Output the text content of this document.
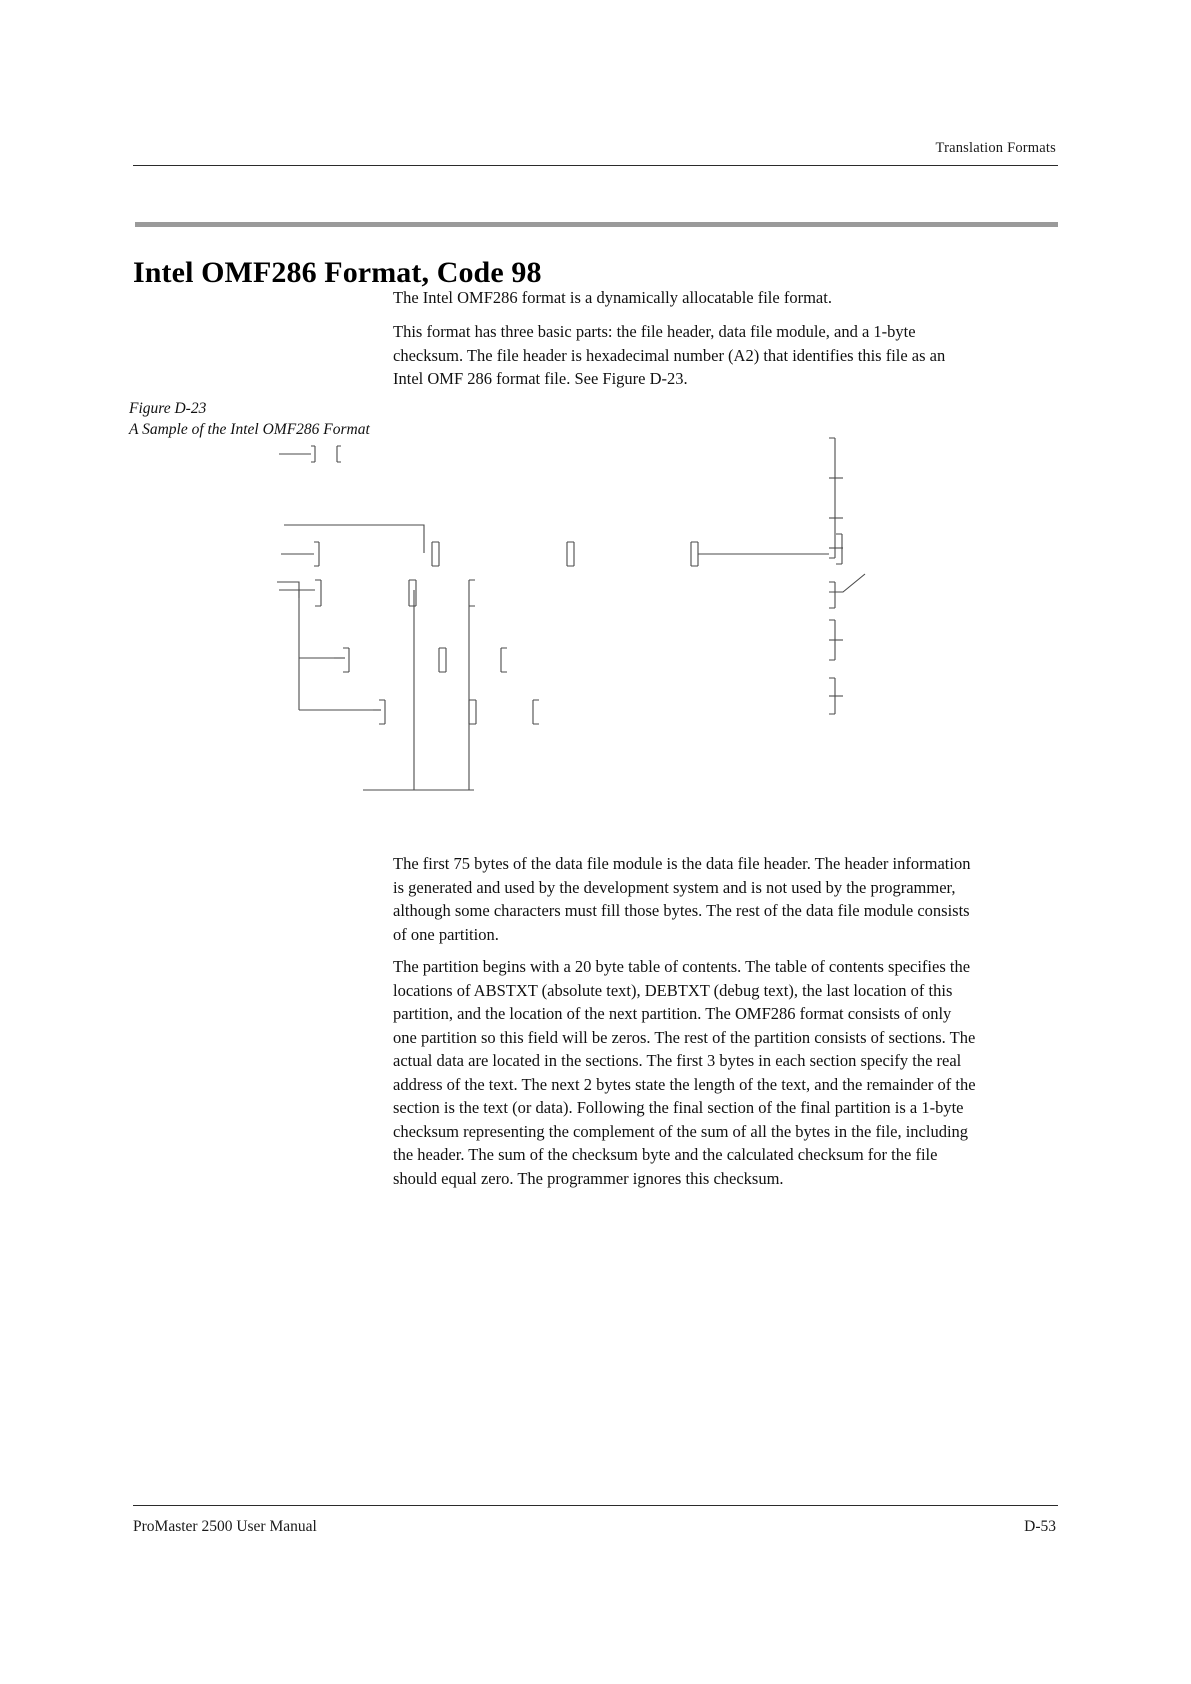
Translation Formats
Intel OMF286 Format, Code 98

The Intel OMF286 format is a dynamically allocatable file format.

This format has three basic parts: the file header, data file module, and a 1-byte checksum. The file header is hexadecimal number (A2) that identifies this file as an Intel OMF 286 format file. See Figure D-23.

Figure D-23
A Sample of the Intel OMF286 Format

The first 75 bytes of the data file module is the data file header. The header information is generated and used by the development system and is not used by the programmer, although some characters must fill those bytes. The rest of the data file module consists of one partition.

The partition begins with a 20 byte table of contents. The table of contents specifies the locations of ABSTXT (absolute text), DEBTXT (debug text), the last location of this partition, and the location of the next partition. The OMF286 format consists of only one partition so this field will be zeros. The rest of the partition consists of sections. The actual data are located in the sections. The first 3 bytes in each section specify the real address of the text. The next 2 bytes state the length of the text, and the remainder of the section is the text (or data). Following the final section of the final partition is a 1-byte checksum representing the complement of the sum of all the bytes in the file, including the header. The sum of the checksum byte and the calculated checksum for the file should equal zero. The programmer ignores this checksum.

ProMaster 2500 User Manual	D-53
